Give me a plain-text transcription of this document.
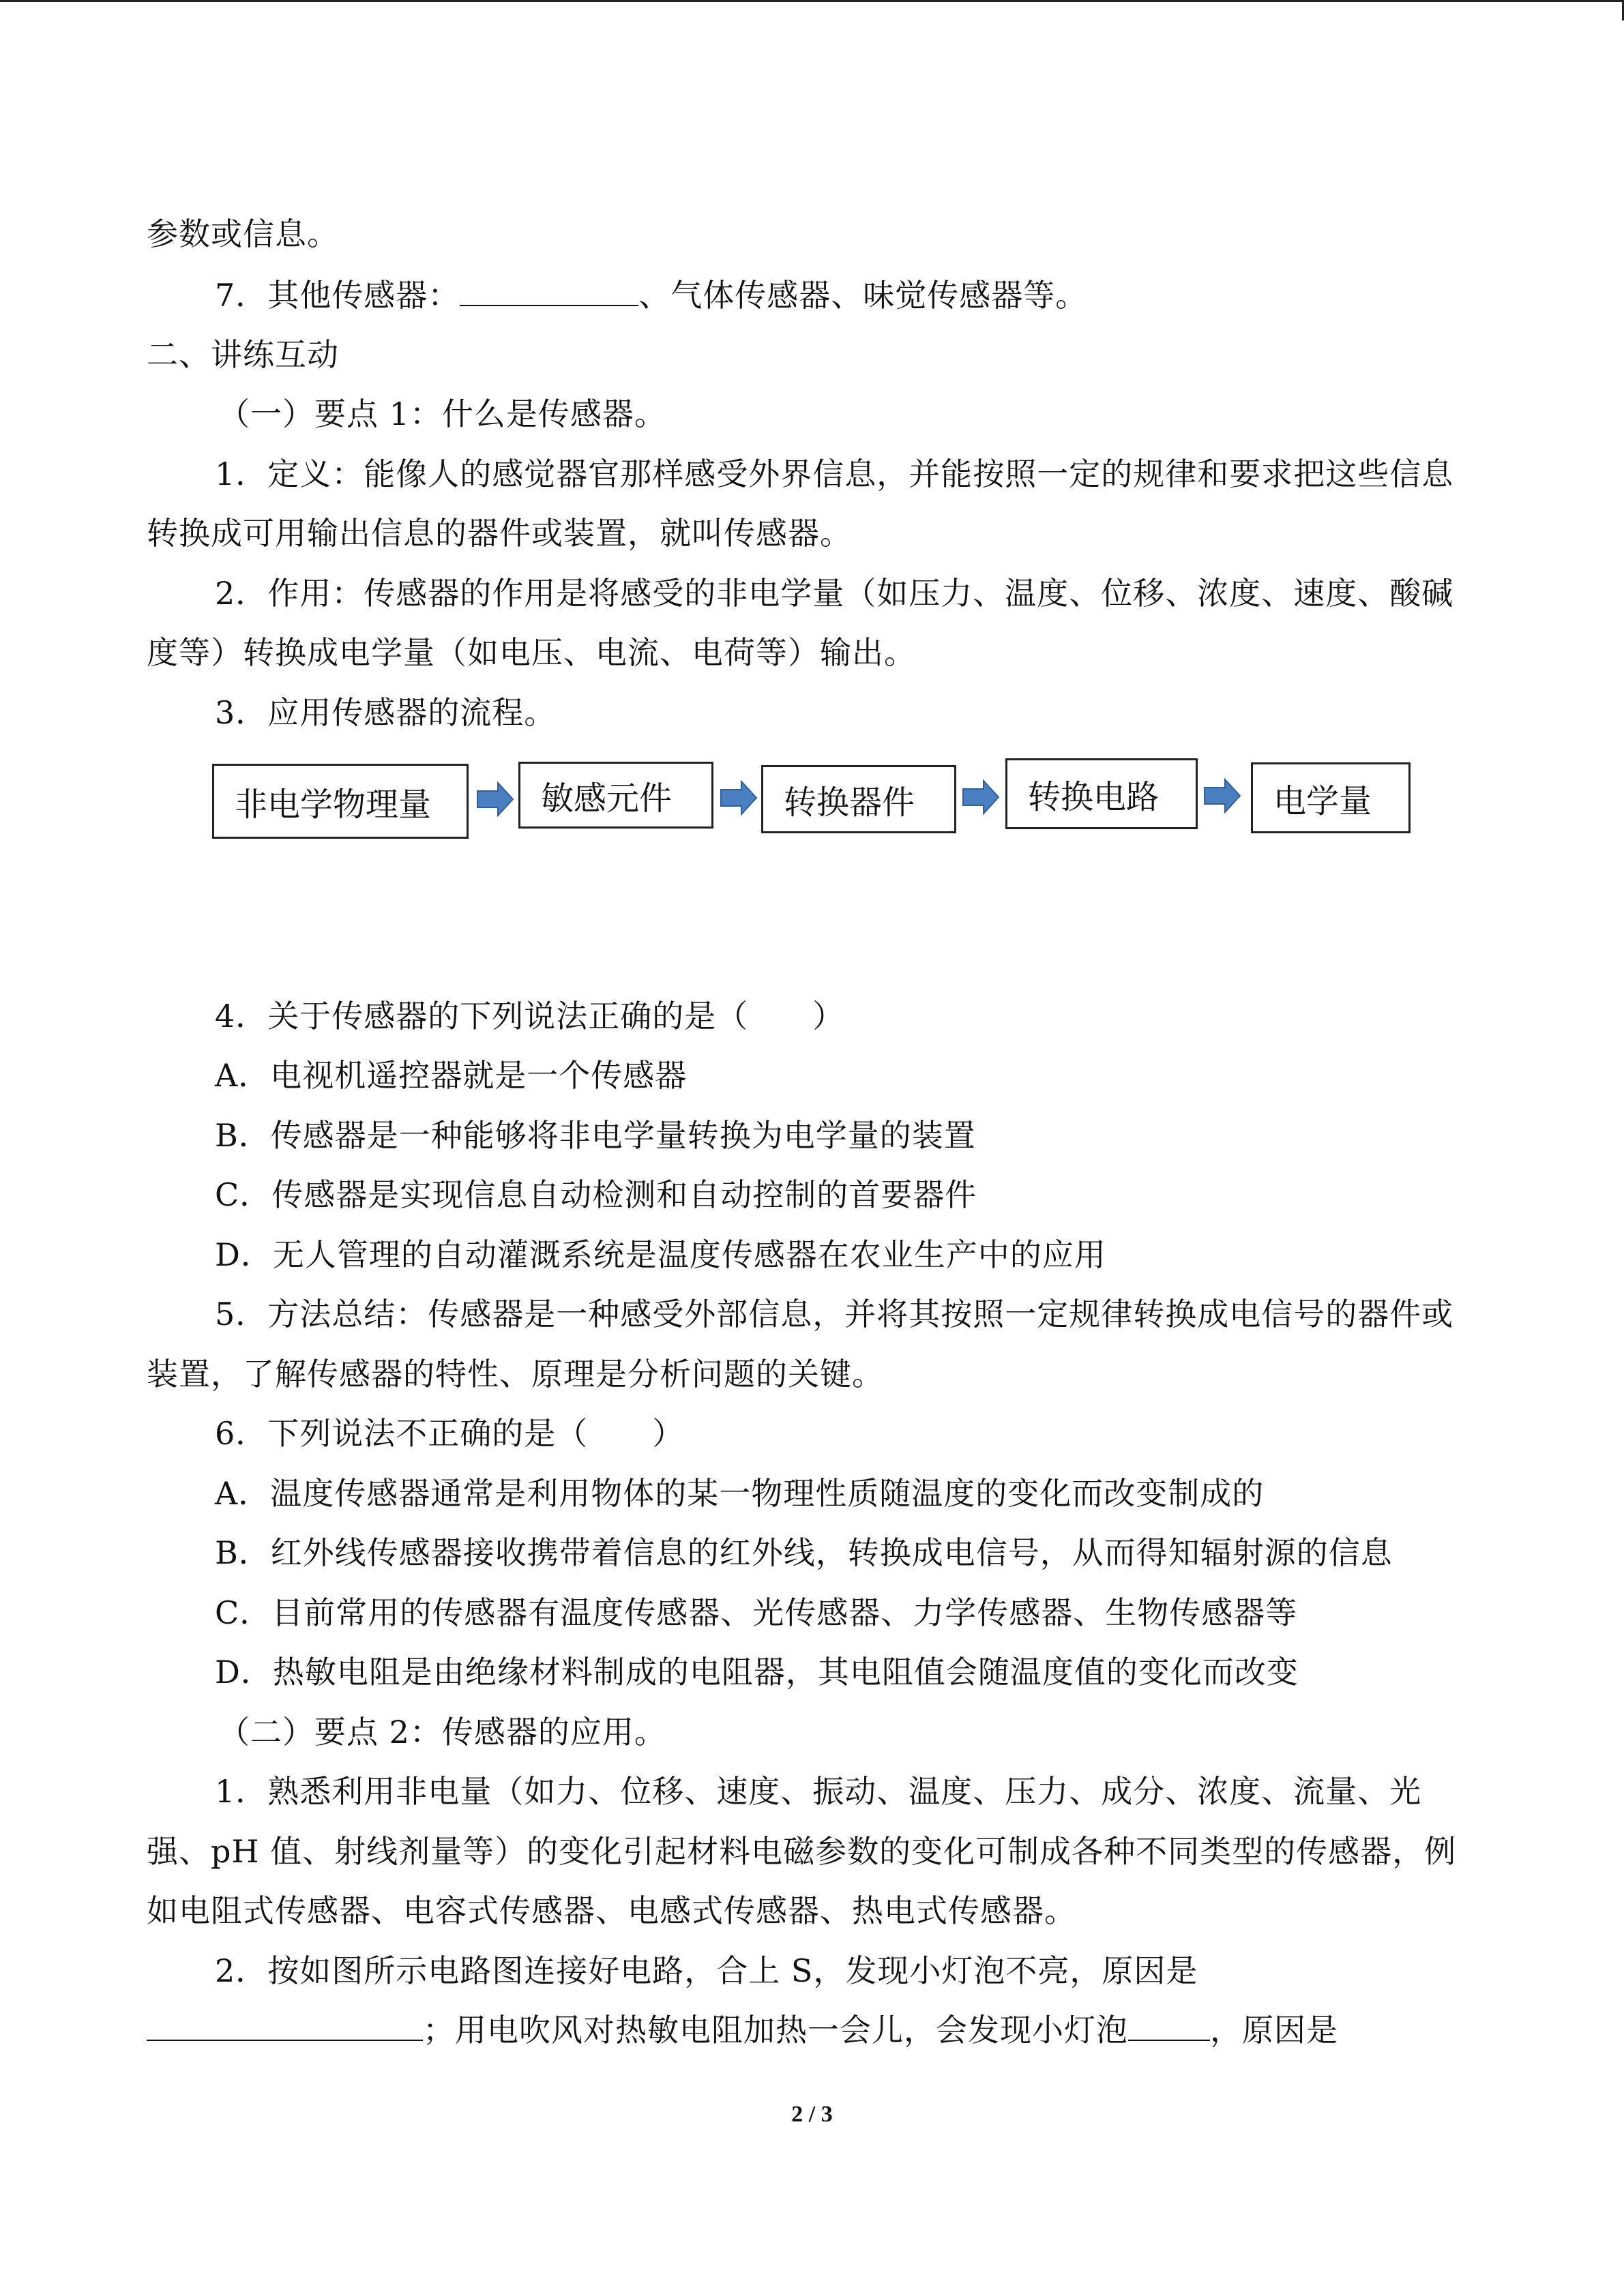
参数或信息。
7．其他传感器：	、气体传感器、味觉传感器等。
二、讲练互动
（一）要点 1：什么是传感器。
1．定义：能像人的感觉器官那样感受外界信息，并能按照一定的规律和要求把这些信息
转换成可用输出信息的器件或装置，就叫传感器。
2．作用：传感器的作用是将感受的非电学量（如压力、温度、位移、浓度、速度、酸碱
度等）转换成电学量（如电压、电流、电荷等）输出。
3．应用传感器的流程。
非电学物理量	敏感元件	转换器件	转换电路	电学量
4．关于传感器的下列说法正确的是（　　）
A．电视机遥控器就是一个传感器
B．传感器是一种能够将非电学量转换为电学量的装置
C．传感器是实现信息自动检测和自动控制的首要器件
D．无人管理的自动灌溉系统是温度传感器在农业生产中的应用
5．方法总结：传感器是一种感受外部信息，并将其按照一定规律转换成电信号的器件或
装置，了解传感器的特性、原理是分析问题的关键。
6．下列说法不正确的是（　　）
A．温度传感器通常是利用物体的某一物理性质随温度的变化而改变制成的
B．红外线传感器接收携带着信息的红外线，转换成电信号，从而得知辐射源的信息
C．目前常用的传感器有温度传感器、光传感器、力学传感器、生物传感器等
D．热敏电阻是由绝缘材料制成的电阻器，其电阻值会随温度值的变化而改变
（二）要点 2：传感器的应用。
1．熟悉利用非电量（如力、位移、速度、振动、温度、压力、成分、浓度、流量、光
强、pH 值、射线剂量等）的变化引起材料电磁参数的变化可制成各种不同类型的传感器，例
如电阻式传感器、电容式传感器、电感式传感器、热电式传感器。
2．按如图所示电路图连接好电路，合上 S，发现小灯泡不亮，原因是
；用电吹风对热敏电阻加热一会儿，会发现小灯泡	，原因是
2 / 3
